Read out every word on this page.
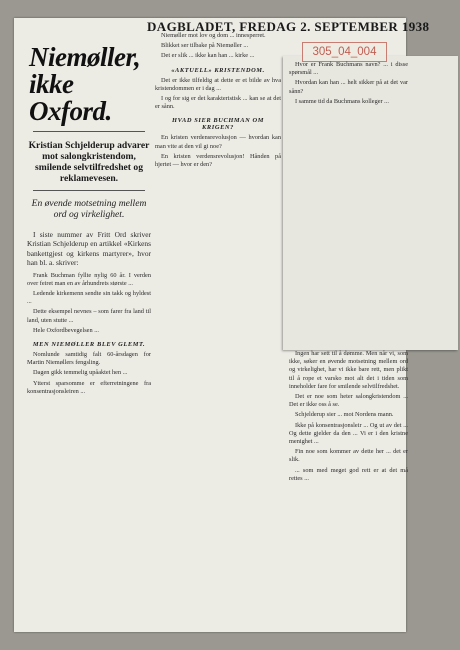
DAGBLADET, FREDAG 2. SEPTEMBER 1938
305_04_004
Niemøller, ikke Oxford.
Kristian Schjelderup advarer mot salongkristendom, smilende selvtilfredshet og reklamevesen.
En øvende motsetning mellem ord og virkelighet.

I siste nummer av Fritt Ord skriver Kristian Schjelderup en artikkel «Kirkens bankettgjest og kirkens martyrer», hvor han bl. a. skriver:

Frank Buchman fyllte nylig 60 år. I verden over feiret man en av århundrets største ...

Ledende kirkemenn sendte sin takk og hyldest ...

Dette eksempel nevnes – som farer fra land til land, uten stutte ...

Hele Oxfordbevegelsen ...

MEN NIEMØLLER BLEV GLEMT.

Nomlunde samtidig falt 60-årsdagen for Martin Niemøllers fengsling.

Dagen gikk temmelig upåaktet hen ...

Ytterst sparsomme er efterretningene fra konsentrasjonsleiren ...

Niemøller mot lov og dom ... innesperret.

Blikket ser tilbake på Niemøller ...

Det er slik ... ikke kan han ... kirke ...

«AKTUELL» KRISTENDOM.

Det er ikke tilfeldig at dette er et bilde av hva kristendommen er i dag ...

I og for sig er det karakteristisk ... kan se at det er sånn.

HVAD SIER BUCHMAN OM KRIGEN?

En kristen verdensrevolusjon — hvordan kan man vite at den vil gi noe?

En kristen verdensrevolusjon! Hånden på hjertet — hvor er den?

Hvor er Frank Buchmans navn? ... i disse spørsmål ...

Hvordan kan han ... helt sikker på at det var sånn?

I samme tid da Buchmans kolleger ...

Ingen har sett til å dømme. Men når vi, som ikke, søker en øvende motsetning mellem ord og virkelighet, har vi ikke bare rett, men plikt til å rope et varsko mot alt det i tiden som inneholder fare for smilende selvtilfredshet.

Det er noe som heter salongkristendom ... Det er ikke oss å se.

Schjelderup sier ... mot Nordens mann.

Ikke på konsentrasjonsleir ... Og ut av det ... Og dette gjelder da den ... Vi er i den kristne menighet ...

Fin noe som kommer av dette her ... det er slik.

... som med meget god rett er at det må rettes ...
